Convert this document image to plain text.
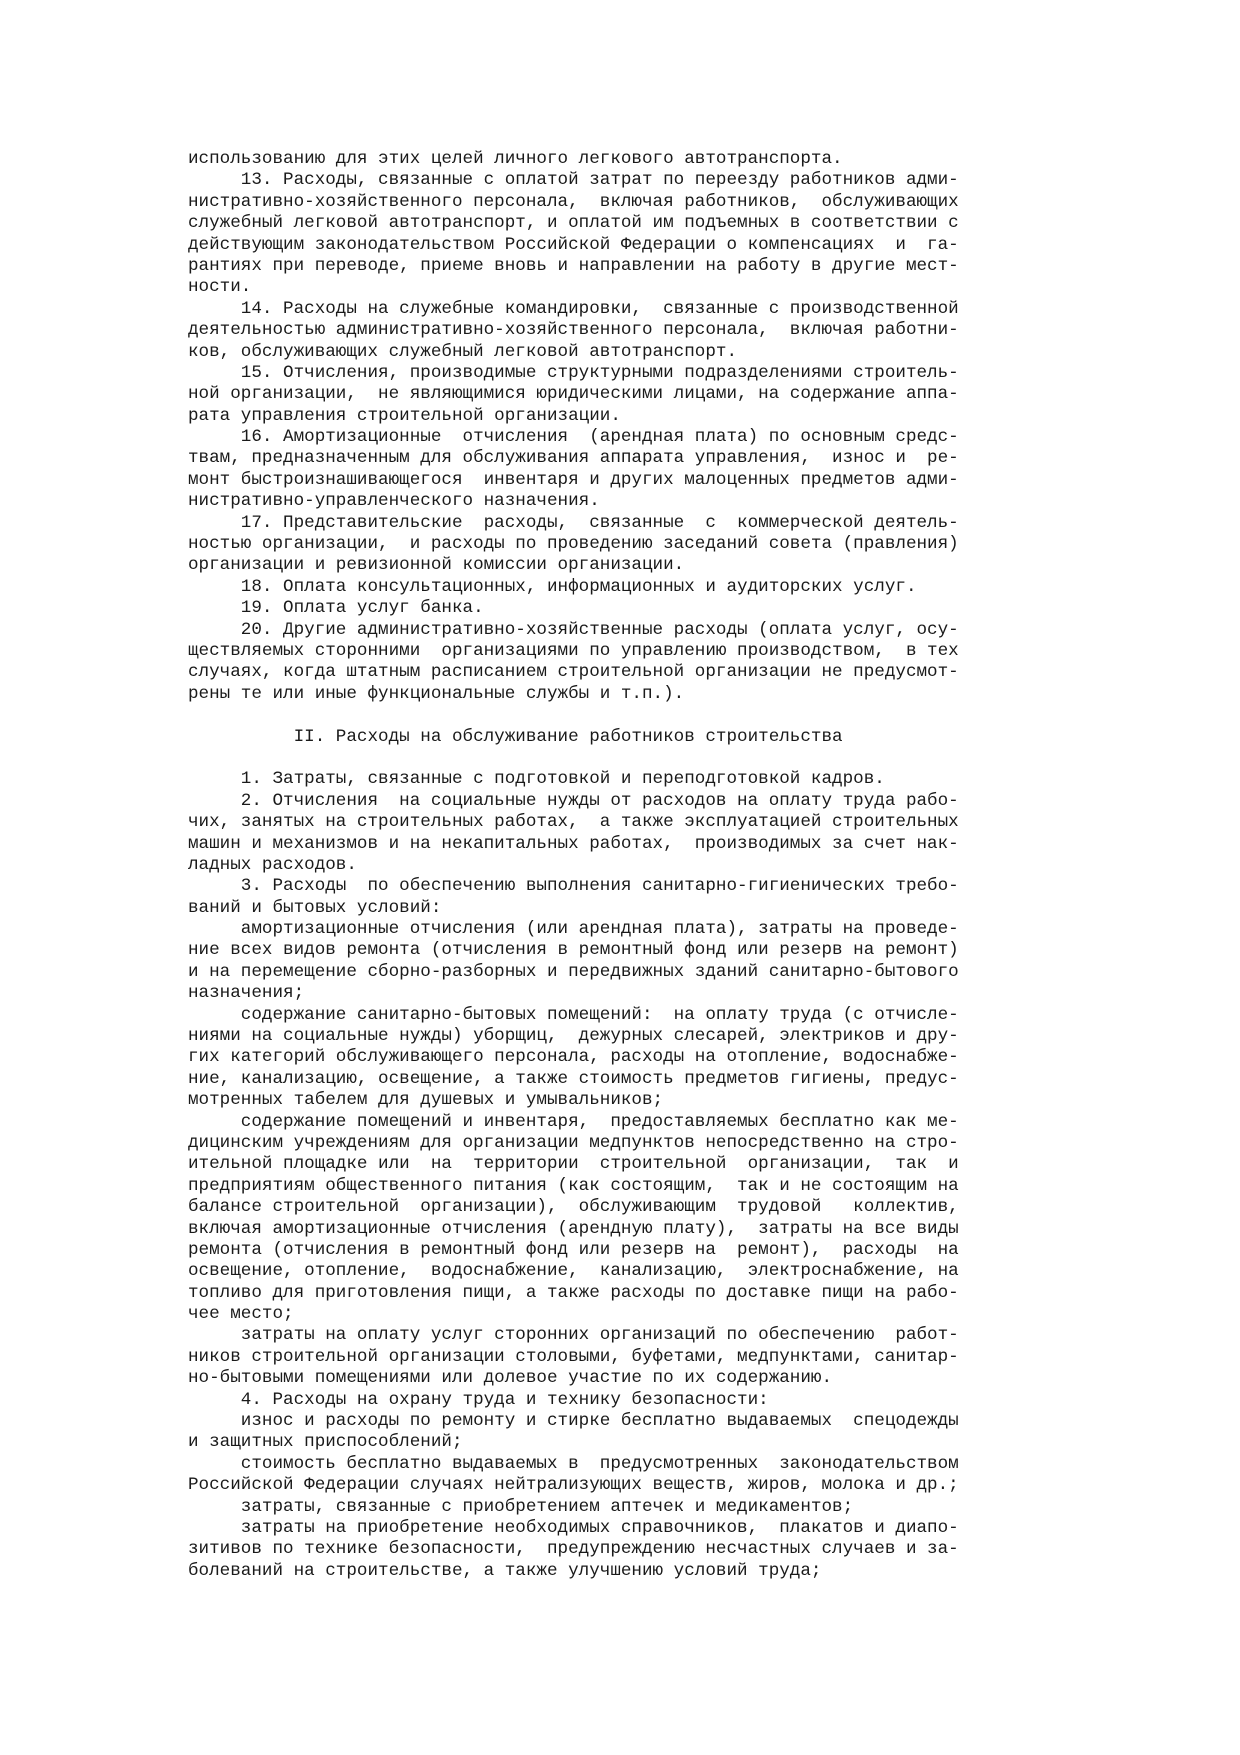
использованию для этих целей личного легкового автотранспорта.
13. Расходы, связанные с оплатой затрат по переезду работников адми-
нистративно-хозяйственного персонала,  включая работников,  обслуживающих
служебный легковой автотранспорт, и оплатой им подъемных в соответствии с
действующим законодательством Российской Федерации о компенсациях  и  га-
рантиях при переводе, приеме вновь и направлении на работу в другие мест-
ности.
14. Расходы на служебные командировки,  связанные с производственной
деятельностью административно-хозяйственного персонала,  включая работни-
ков, обслуживающих служебный легковой автотранспорт.
15. Отчисления, производимые структурными подразделениями строитель-
ной организации,  не являющимися юридическими лицами, на содержание аппа-
рата управления строительной организации.
16. Амортизационные  отчисления  (арендная плата) по основным средс-
твам, предназначенным для обслуживания аппарата управления,  износ и  ре-
монт быстроизнашивающегося  инвентаря и других малоценных предметов адми-
нистративно-управленческого назначения.
17. Представительские  расходы,  связанные  с  коммерческой деятель-
ностью организации,  и расходы по проведению заседаний совета (правления)
организации и ревизионной комиссии организации.
18. Оплата консультационных, информационных и аудиторских услуг.
19. Оплата услуг банка.
20. Другие административно-хозяйственные расходы (оплата услуг, осу-
ществляемых сторонними  организациями по управлению производством,  в тех
случаях, когда штатным расписанием строительной организации не предусмот-
рены те или иные функциональные службы и т.п.).
II. Расходы на обслуживание работников строительства
1. Затраты, связанные с подготовкой и переподготовкой кадров.
2. Отчисления  на социальные нужды от расходов на оплату труда рабо-
чих, занятых на строительных работах,  а также эксплуатацией строительных
машин и механизмов и на некапитальных работах,  производимых за счет нак-
ладных расходов.
3. Расходы  по обеспечению выполнения санитарно-гигиенических требо-
ваний и бытовых условий:
амортизационные отчисления (или арендная плата), затраты на проведе-
ние всех видов ремонта (отчисления в ремонтный фонд или резерв на ремонт)
и на перемещение сборно-разборных и передвижных зданий санитарно-бытового
назначения;
содержание санитарно-бытовых помещений:  на оплату труда (с отчисле-
ниями на социальные нужды) уборщиц,  дежурных слесарей, электриков и дру-
гих категорий обслуживающего персонала, расходы на отопление, водоснабже-
ние, канализацию, освещение, а также стоимость предметов гигиены, предус-
мотренных табелем для душевых и умывальников;
содержание помещений и инвентаря,  предоставляемых бесплатно как ме-
дицинским учреждениям для организации медпунктов непосредственно на стро-
ительной площадке или  на  территории  строительной  организации,  так  и
предприятиям общественного питания (как состоящим,  так и не состоящим на
балансе строительной  организации),  обслуживающим  трудовой   коллектив,
включая амортизационные отчисления (арендную плату),  затраты на все виды
ремонта (отчисления в ремонтный фонд или резерв на  ремонт),  расходы  на
освещение, отопление,  водоснабжение,  канализацию,  электроснабжение, на
топливо для приготовления пищи, а также расходы по доставке пищи на рабо-
чее место;
затраты на оплату услуг сторонних организаций по обеспечению  работ-
ников строительной организации столовыми, буфетами, медпунктами, санитар-
но-бытовыми помещениями или долевое участие по их содержанию.
4. Расходы на охрану труда и технику безопасности:
износ и расходы по ремонту и стирке бесплатно выдаваемых  спецодежды
и защитных приспособлений;
стоимость бесплатно выдаваемых в  предусмотренных  законодательством
Российской Федерации случаях нейтрализующих веществ, жиров, молока и др.;
затраты, связанные с приобретением аптечек и медикаментов;
затраты на приобретение необходимых справочников,  плакатов и диапо-
зитивов по технике безопасности,  предупреждению несчастных случаев и за-
болеваний на строительстве, а также улучшению условий труда;
